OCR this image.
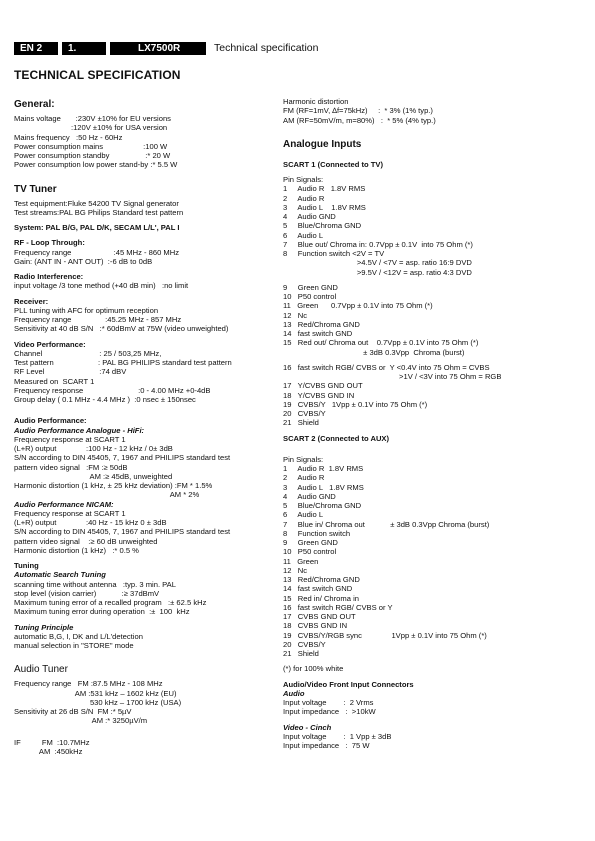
EN 2	1.	LX7500R	Technical specification
TECHNICAL SPECIFICATION
General:
Mains voltage       :230V ±10% for EU versions
:120V ±10% for USA version
Mains frequency   :50 Hz - 60Hz
Power consumption mains                   :100 W
Power consumption standby                 :* 20 W
Power consumption low power stand-by :* 5.5 W
TV Tuner
Test equipment:Fluke 54200 TV Signal generator
Test streams:PAL BG Philips Standard test pattern
System: PAL B/G, PAL D/K, SECAM L/L', PAL I
RF - Loop Through:
Frequency range                    :45 MHz - 860 MHz
Gain: (ANT IN - ANT OUT)  :-6 dB to 0dB
Radio Interference:
input voltage /3 tone method (+40 dB min)   :no limit
Receiver:
PLL tuning with AFC for optimum reception
Frequency range                :45.25 MHz - 857 MHz
Sensitivity at 40 dB S/N   :* 60dBmV at 75W (video unweighted)
Video Performance:
Channel                           : 25 / 503,25 MHz,
Test pattern                     : PAL BG PHILIPS standard test pattern
RF Level                          :74 dBV
Measured on  SCART 1
Frequency response                          :0 - 4.00 MHz +0-4dB
Group delay ( 0.1 MHz - 4.4 MHz )  :0 nsec ± 150nsec
Audio Performance:
Audio Performance Analogue - HiFi:
Frequency response at SCART 1
(L+R) output              :100 Hz - 12 kHz / 0± 3dB
S/N according to DIN 45405, 7, 1967 and PHILIPS standard test
pattern video signal   :FM :≥ 50dB
AM :≥ 45dB, unweighted
Harmonic distortion (1 kHz, ± 25 kHz deviation) :FM * 1.5%
AM * 2%
Audio Performance NICAM:
Frequency response at SCART 1
(L+R) output              :40 Hz - 15 kHz 0 ± 3dB
S/N according to DIN 45405, 7, 1967 and PHILIPS standard test
pattern video signal    :≥ 60 dB unweighted
Harmonic distortion (1 kHz)   :* 0.5 %
Tuning
Automatic Search Tuning
scanning time without antenna   :typ. 3 min. PAL
stop level (vision carrier)            :≥ 37dBmV
Maximum tuning error of a recalled program   :± 62.5 kHz
Maximum tuning error during operation  :±  100  kHz
Tuning Principle
automatic B,G, I, DK and L/L'detection
manual selection in "STORE" mode
Audio Tuner
Frequency range   FM :87.5 MHz - 108 MHz
AM :531 kHz – 1602 kHz (EU)
530 kHz – 1700 kHz (USA)
Sensitivity at 26 dB S/N  FM :* 5µV
AM :* 3250µV/m
IF          FM  :10.7MHz
AM  :450kHz
Harmonic distortion
FM (RF=1mV, ∆f=75kHz)     :  * 3% (1% typ.)
AM (RF=50mV/m, m=80%)   :  * 5% (4% typ.)
Analogue Inputs
SCART 1 (Connected to TV)
Pin Signals:
1     Audio R   1.8V RMS
2     Audio R
3     Audio L    1.8V RMS
4     Audio GND
5     Blue/Chroma GND
6     Audio L
7     Blue out/ Chroma in: 0.7Vpp ± 0.1V  into 75 Ohm (*)
8     Function switch <2V = TV
>4.5V / <7V = asp. ratio 16:9 DVD
>9.5V / <12V = asp. ratio 4:3 DVD
9     Green GND
10   P50 control
11   Green      0.7Vpp ± 0.1V into 75 Ohm (*)
12   Nc
13   Red/Chroma GND
14   fast switch GND
15   Red out/ Chroma out    0.7Vpp ± 0.1V into 75 Ohm (*)
± 3dB 0.3Vpp  Chroma (burst)
16   fast switch RGB/ CVBS or  Y <0.4V into 75 Ohm = CVBS
>1V / <3V into 75 Ohm = RGB
17   Y/CVBS GND OUT
18   Y/CVBS GND IN
19   CVBS/Y   1Vpp ± 0.1V into 75 Ohm (*)
20   CVBS/Y
21   Shield
SCART 2 (Connected to AUX)
Pin Signals:
1     Audio R  1.8V RMS
2     Audio R
3     Audio L   1.8V RMS
4     Audio GND
5     Blue/Chroma GND
6     Audio L
7     Blue in/ Chroma out            ± 3dB 0.3Vpp Chroma (burst)
8     Function switch
9     Green GND
10   P50 control
11   Green
12   Nc
13   Red/Chroma GND
14   fast switch GND
15   Red in/ Chroma in
16   fast switch RGB/ CVBS or Y
17   CVBS GND OUT
18   CVBS GND IN
19   CVBS/Y/RGB sync              1Vpp ± 0.1V into 75 Ohm (*)
20   CVBS/Y
21   Shield
(*) for 100% white
Audio/Video Front Input Connectors
Audio
Input voltage        :  2 Vrms
Input impedance   :  >10kW
Video - Cinch
Input voltage        :  1 Vpp ± 3dB
Input impedance   :  75 W
